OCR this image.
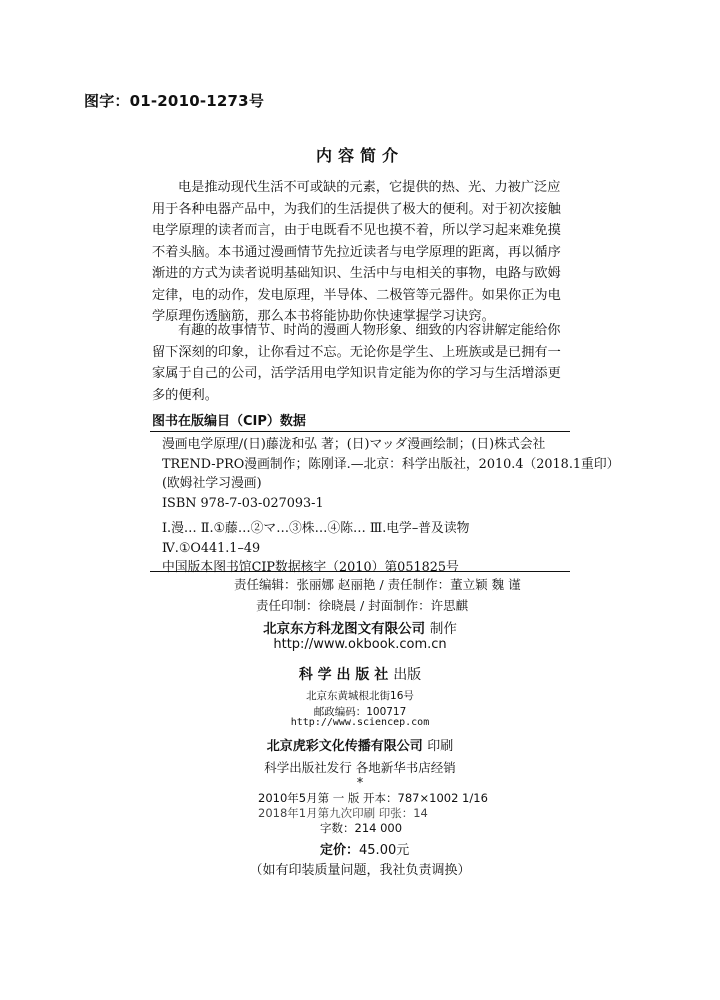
图字：01-2010-1273号
内容简介
电是推动现代生活不可或缺的元素，它提供的热、光、力被广泛应
用于各种电器产品中，为我们的生活提供了极大的便利。对于初次接触
电学原理的读者而言，由于电既看不见也摸不着，所以学习起来难免摸
不着头脑。本书通过漫画情节先拉近读者与电学原理的距离，再以循序
渐进的方式为读者说明基础知识、生活中与电相关的事物，电路与欧姆
定律，电的动作，发电原理，半导体、二极管等元器件。如果你正为电
学原理伤透脑筋，那么本书将能协助你快速掌握学习诀窍。
有趣的故事情节、时尚的漫画人物形象、细致的内容讲解定能给你
留下深刻的印象，让你看过不忘。无论你是学生、上班族或是已拥有一
家属于自己的公司，活学活用电学知识肯定能为你的学习与生活增添更
多的便利。
图书在版编目（CIP）数据
漫画电学原理/(日)藤泷和弘 著；(日)マッダ漫画绘制；(日)株式会社
TREND-PRO漫画制作；陈刚译.—北京：科学出版社，2010.4（2018.1重印）
(欧姆社学习漫画)
ISBN 978-7-03-027093-1
Ⅰ.漫… Ⅱ.①藤…②マ…③株…④陈… Ⅲ.电学–普及读物
Ⅳ.①O441.1–49
中国版本图书馆CIP数据核字（2010）第051825号
责任编辑：张丽娜 赵丽艳 / 责任制作：董立颖 魏 谨
责任印制：徐晓晨 / 封面制作：许思麒
北京东方科龙图文有限公司 制作
http://www.okbook.com.cn
科 学 出 版 社 出版
北京东黄城根北街16号
邮政编码：100717
http://www.sciencep.com
北京虎彩文化传播有限公司 印刷
科学出版社发行 各地新华书店经销
*
2010年5月第 一 版 开本：787×1002 1/16
2018年1月第九次印刷 印张：14
字数：214 000
定价：45.00元
（如有印装质量问题，我社负责调换）
